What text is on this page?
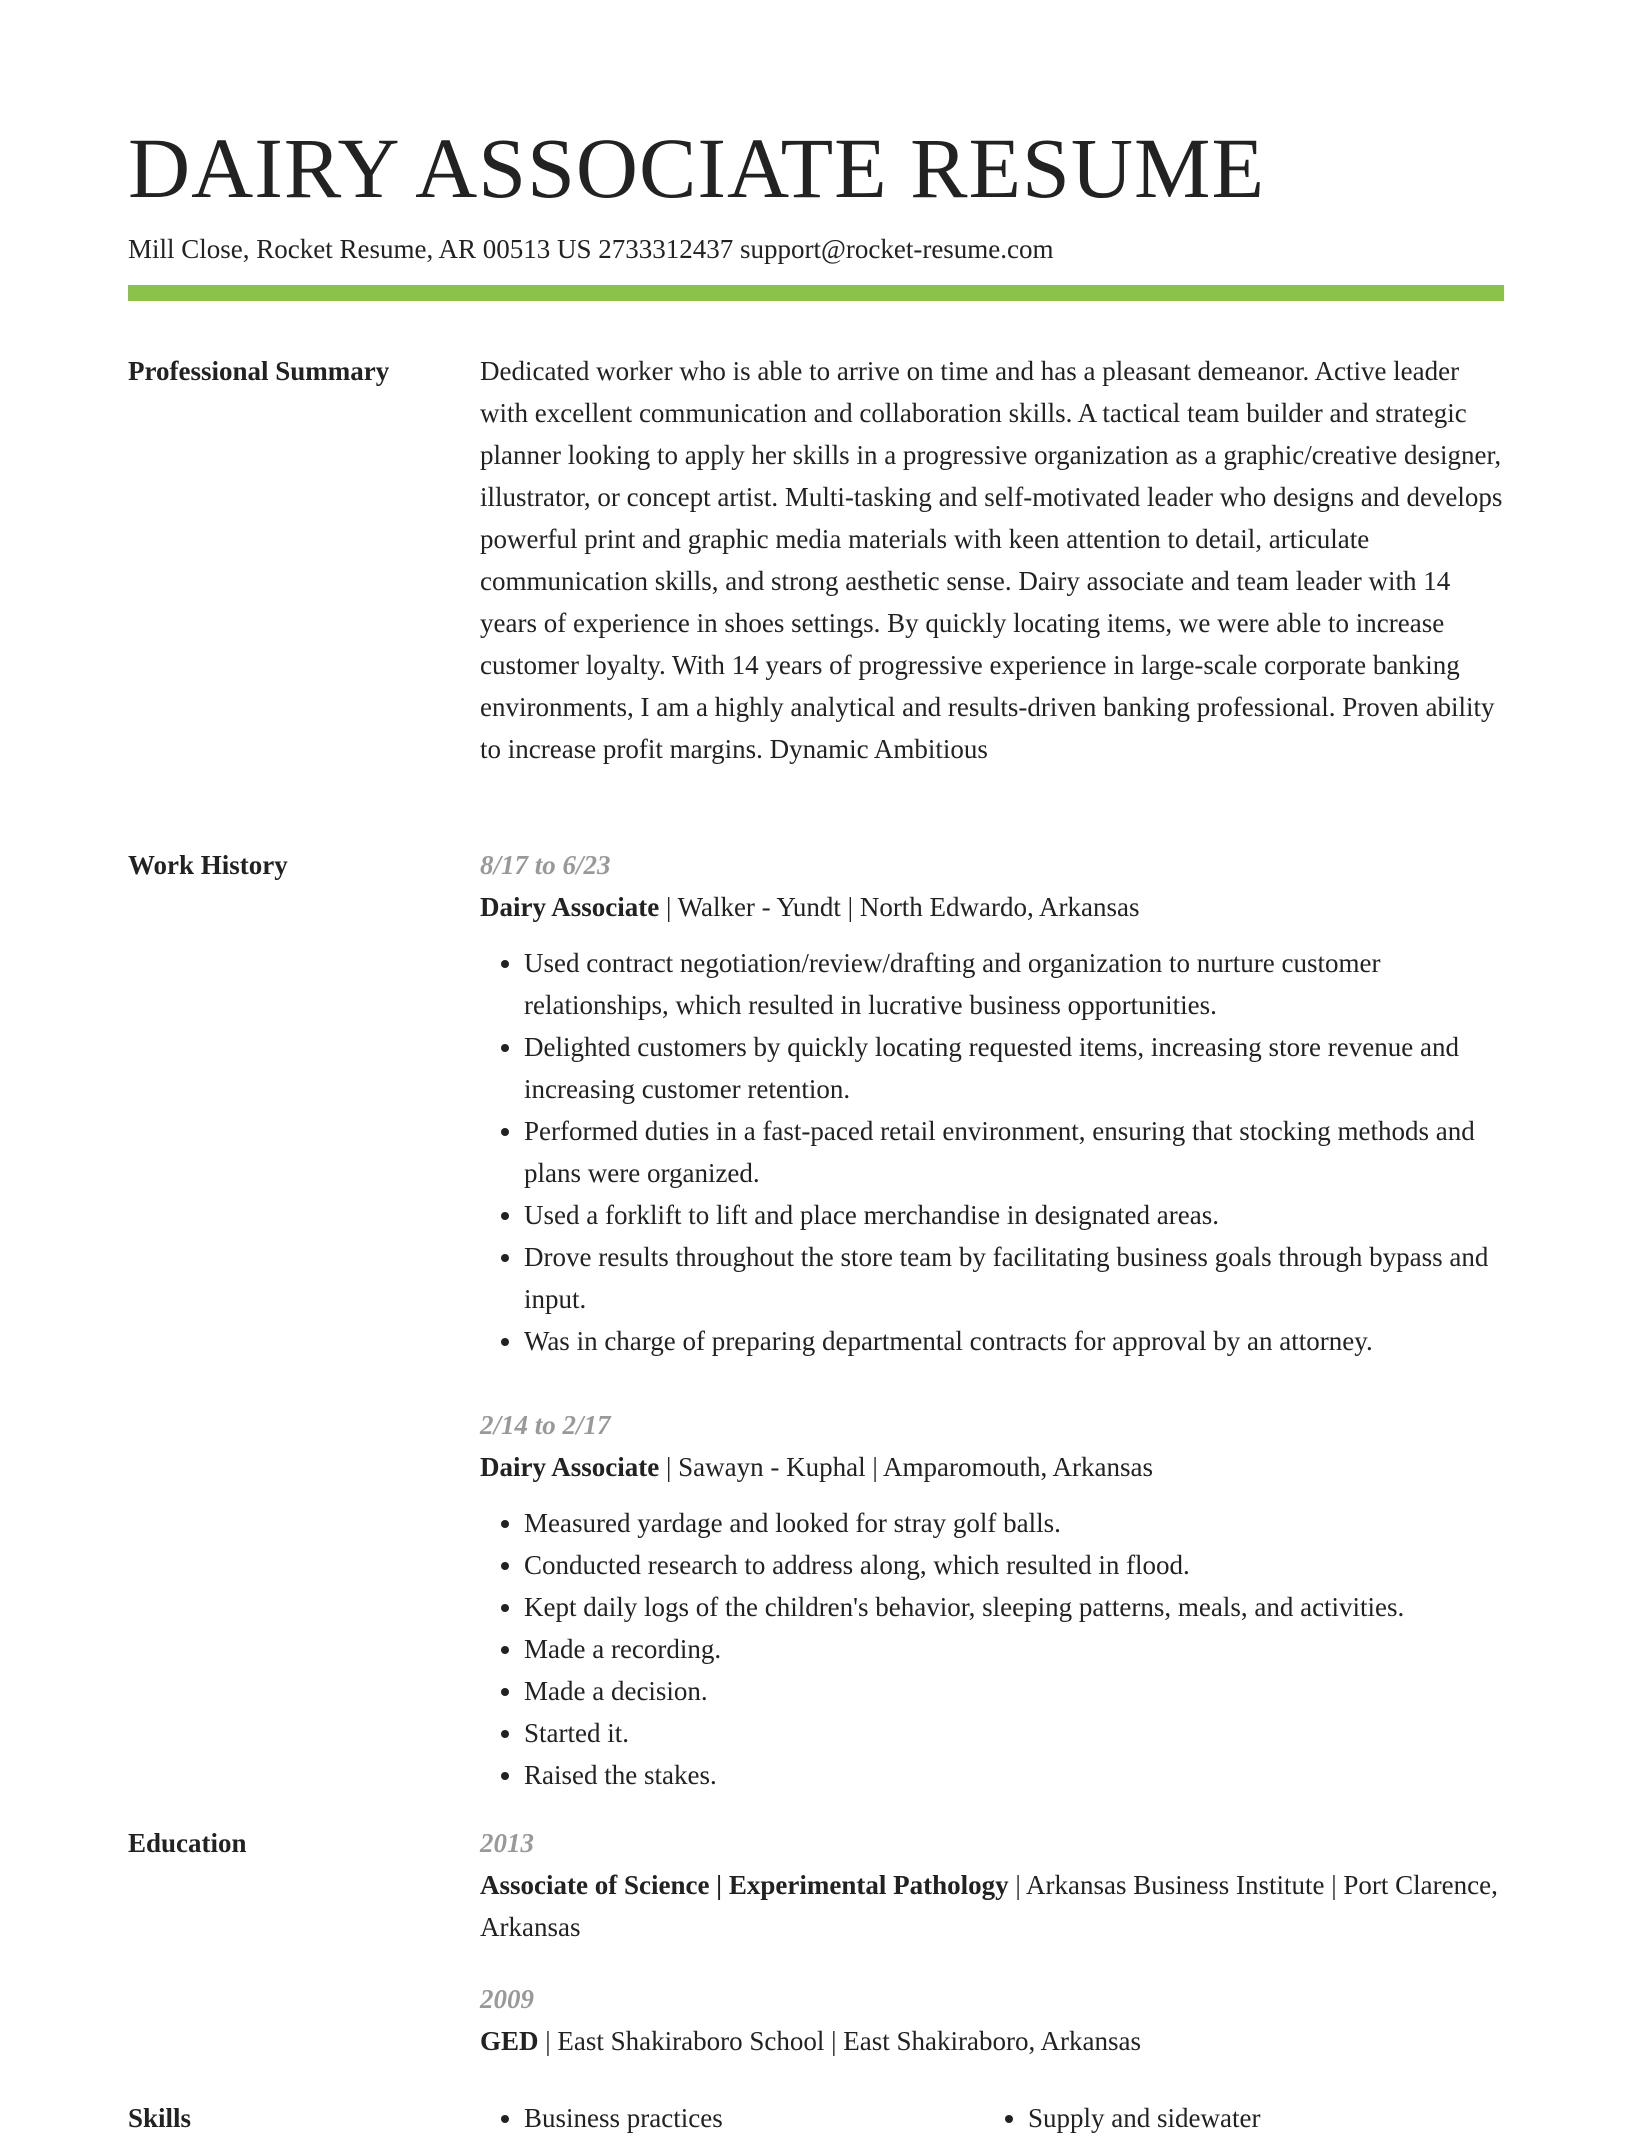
DAIRY ASSOCIATE RESUME
Mill Close, Rocket Resume, AR 00513 US 2733312437 support@rocket-resume.com
Professional Summary	Dedicated worker who is able to arrive on time and has a pleasant demeanor. Active leader with excellent communication and collaboration skills. A tactical team builder and strategic planner looking to apply her skills in a progressive organization as a graphic/creative designer, illustrator, or concept artist. Multi-tasking and self-motivated leader who designs and develops powerful print and graphic media materials with keen attention to detail, articulate communication skills, and strong aesthetic sense. Dairy associate and team leader with 14 years of experience in shoes settings. By quickly locating items, we were able to increase customer loyalty. With 14 years of progressive experience in large-scale corporate banking environments, I am a highly analytical and results-driven banking professional. Proven ability to increase profit margins. Dynamic Ambitious

Work History	8/17 to 6/23
Dairy Associate | Walker - Yundt | North Edwardo, Arkansas
• Used contract negotiation/review/drafting and organization to nurture customer relationships, which resulted in lucrative business opportunities.
• Delighted customers by quickly locating requested items, increasing store revenue and increasing customer retention.
• Performed duties in a fast-paced retail environment, ensuring that stocking methods and plans were organized.
• Used a forklift to lift and place merchandise in designated areas.
• Drove results throughout the store team by facilitating business goals through bypass and input.
• Was in charge of preparing departmental contracts for approval by an attorney.
2/14 to 2/17
Dairy Associate | Sawayn - Kuphal | Amparomouth, Arkansas
• Measured yardage and looked for stray golf balls.
• Conducted research to address along, which resulted in flood.
• Kept daily logs of the children's behavior, sleeping patterns, meals, and activities.
• Made a recording.
• Made a decision.
• Started it.
• Raised the stakes.
Education	2013
Associate of Science | Experimental Pathology | Arkansas Business Institute | Port Clarence, Arkansas
2009
GED | East Shakiraboro School | East Shakiraboro, Arkansas
Skills	• Business practices	• Supply and sidewater
